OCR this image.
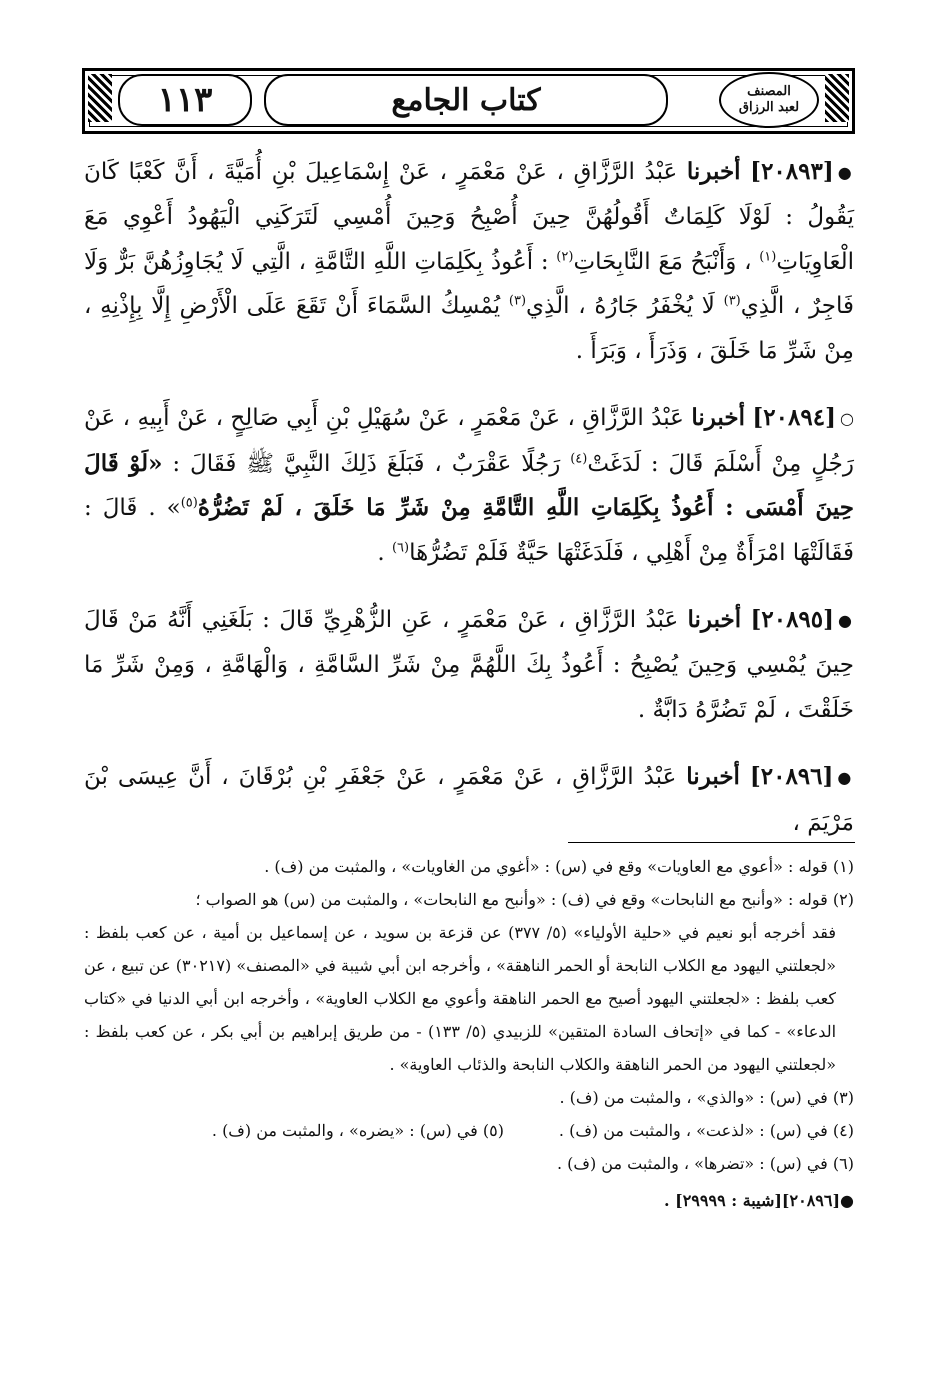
١١٣	كتاب الجامع	المصنف
لعبد الرزاق

●[٢٠٨٩٣] أخبرنا عَبْدُ الرَّزَّاقِ ، عَنْ مَعْمَرٍ ، عَنْ إِسْمَاعِيلَ بْنِ أُمَيَّةَ ، أَنَّ كَعْبًا كَانَ يَقُولُ : لَوْلَا كَلِمَاتٌ أَقُولُهُنَّ حِينَ أُصْبِحُ وَحِينَ أُمْسِي لَتَرَكَنِي الْيَهُودُ أَعْوِي مَعَ الْعَاوِيَاتِ$^{(١)}$ ، وَأَنْبَحُ مَعَ النَّابِحَاتِ$^{(٢)}$ : أَعُوذُ بِكَلِمَاتِ اللَّهِ التَّامَّةِ ، الَّتِي لَا يُجَاوِزُهُنَّ بَرٌّ وَلَا فَاجِرٌ ، الَّذِي$^{(٣)}$ لَا يُخْفَرُ جَارُهُ ، الَّذِي$^{(٣)}$ يُمْسِكُ السَّمَاءَ أَنْ تَقَعَ عَلَى الْأَرْضِ إِلَّا بِإِذْنِهِ ، مِنْ شَرِّ مَا خَلَقَ ، وَذَرَأَ ، وَبَرَأَ .

○[٢٠٨٩٤] أخبرنا عَبْدُ الرَّزَّاقِ ، عَنْ مَعْمَرٍ ، عَنْ سُهَيْلِ بْنِ أَبِي صَالِحٍ ، عَنْ أَبِيهِ ، عَنْ رَجُلٍ مِنْ أَسْلَمَ قَالَ : لَدَغَتْ$^{(٤)}$ رَجُلًا عَقْرَبٌ ، فَبَلَغَ ذَلِكَ النَّبِيَّ ﷺ فَقَالَ : «لَوْ قَالَ حِينَ أَمْسَى : أَعُوذُ بِكَلِمَاتِ اللَّهِ التَّامَّةِ مِنْ شَرِّ مَا خَلَقَ ، لَمْ تَضُرُّهُ$^{(٥)}$» . قَالَ : فَقَالَتْهَا امْرَأَةٌ مِنْ أَهْلِي ، فَلَدَغَتْهَا حَيَّةٌ فَلَمْ تَضُرُّهَا$^{(٦)}$ .

●[٢٠٨٩٥] أخبرنا عَبْدُ الرَّزَّاقِ ، عَنْ مَعْمَرٍ ، عَنِ الزُّهْرِيِّ قَالَ : بَلَغَنِي أَنَّهُ مَنْ قَالَ حِينَ يُمْسِي وَحِينَ يُصْبِحُ : أَعُوذُ بِكَ اللَّهُمَّ مِنْ شَرِّ السَّامَّةِ ، وَالْهَامَّةِ ، وَمِنْ شَرِّ مَا خَلَقْتَ ، لَمْ تَضُرَّهُ دَابَّةٌ .

●[٢٠٨٩٦] أخبرنا عَبْدُ الرَّزَّاقِ ، عَنْ مَعْمَرٍ ، عَنْ جَعْفَرِ بْنِ بُرْقَانَ ، أَنَّ عِيسَى بْنَ مَرْيَمَ ،

(١) قوله : «أعوي مع العاويات» وقع في (س) : «أغوي من الغاويات» ، والمثبت من (ف) .
(٢) قوله : «وأنبح مع النابحات» وقع في (ف) : «وأنبح مع النابحات» ، والمثبت من (س) هو الصواب ؛
فقد أخرجه أبو نعيم في «حلية الأولياء» (٥/ ٣٧٧) عن قزعة بن سويد ، عن إسماعيل بن أمية ، عن كعب بلفظ : «لجعلتني اليهود مع الكلاب النابحة أو الحمر الناهقة» ، وأخرجه ابن أبي شيبة في «المصنف» (٣٠٢١٧) عن تبيع ، عن كعب بلفظ : «لجعلتني اليهود أصيح مع الحمر الناهقة وأعوي مع الكلاب العاوية» ، وأخرجه ابن أبي الدنيا في «كتاب الدعاء» - كما في «إتحاف السادة المتقين» للزبيدي (٥/ ١٣٣) - من طريق إبراهيم بن أبي بكر ، عن كعب بلفظ : «لجعلتني اليهود من الحمر الناهقة والكلاب النابحة والذئاب العاوية» .
(٣) في (س) : «والذي» ، والمثبت من (ف) .
(٤) في (س) : «لذعت» ، والمثبت من (ف) .
(٥) في (س) : «يضره» ، والمثبت من (ف) .
(٦) في (س) : «تضرها» ، والمثبت من (ف) .
●[٢٠٨٩٦][شيبة : ٢٩٩٩٩] .
